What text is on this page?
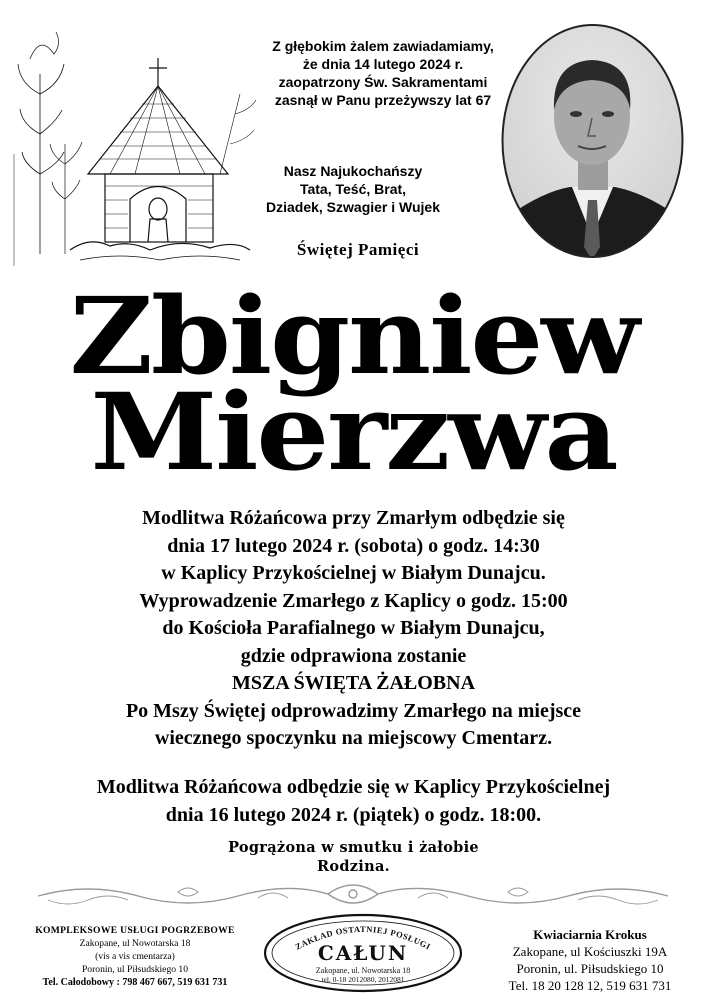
Z głębokim żalem zawiadamiamy,
że dnia 14 lutego 2024 r.
zaopatrzony Św. Sakramentami
zasnął w Panu przeżywszy lat 67
Nasz Najukochańszy
Tata, Teść, Brat,
Dziadek, Szwagier i Wujek
Świętej Pamięci
Zbigniew
Mierzwa
Modlitwa Różańcowa przy Zmarłym odbędzie się
dnia 17 lutego 2024 r. (sobota) o godz. 14:30
w Kaplicy Przykościelnej w Białym Dunajcu.
Wyprowadzenie Zmarłego z Kaplicy o godz. 15:00
do Kościoła Parafialnego w Białym Dunajcu,
gdzie odprawiona zostanie
MSZA ŚWIĘTA ŻAŁOBNA
Po Mszy Świętej odprowadzimy Zmarłego na miejsce
wiecznego spoczynku na miejscowy Cmentarz.
Modlitwa Różańcowa odbędzie się w Kaplicy Przykościelnej
dnia 16 lutego 2024 r. (piątek) o godz. 18:00.
Pogrążona w smutku i żałobie
Rodzina.
KOMPLEKSOWE USŁUGI POGRZEBOWE
Zakopane, ul Nowotarska 18
(vis a vis cmentarza)
Poronin, ul Piłsudskiego 10
Tel. Całodobowy : 798 467 667, 519 631 731
ZAKŁAD OSTATNIEJ POSŁUGI
CAŁUN
Zakopane, ul. Nowotarska 18
tel. 0-18 2012080, 2012081
Kwiaciarnia Krokus
Zakopane, ul Kościuszki 19A
Poronin, ul. Piłsudskiego 10
Tel. 18 20 128 12, 519 631 731
